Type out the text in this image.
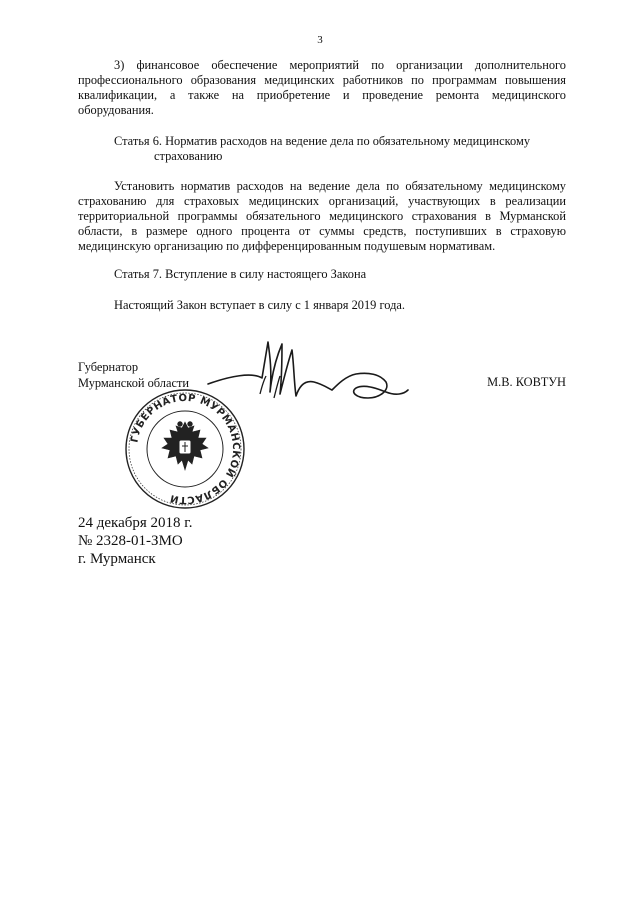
3
3) финансовое обеспечение мероприятий по организации дополнительного профессионального образования медицинских работников по программам повышения квалификации, а также на приобретение и проведение ремонта медицинского оборудования.
Статья 6. Норматив расходов на ведение дела по обязательному медицинскому
страхованию
Установить норматив расходов на ведение дела по обязательному медицинскому страхованию для страховых медицинских организаций, участвующих в реализации территориальной программы обязательного медицинского страхования в Мурманской области, в размере одного процента от суммы средств, поступивших в страховую медицинскую организацию по дифференцированным подушевым нормативам.
Статья 7. Вступление в силу настоящего Закона
Настоящий Закон вступает в силу с 1 января 2019 года.
Губернатор
Мурманской области	М.В. КОВТУН
ГУБЕРНАТОР МУРМАНСКОЙ ОБЛАСТИ
24 декабря 2018 г.
№ 2328-01-ЗМО
г. Мурманск
